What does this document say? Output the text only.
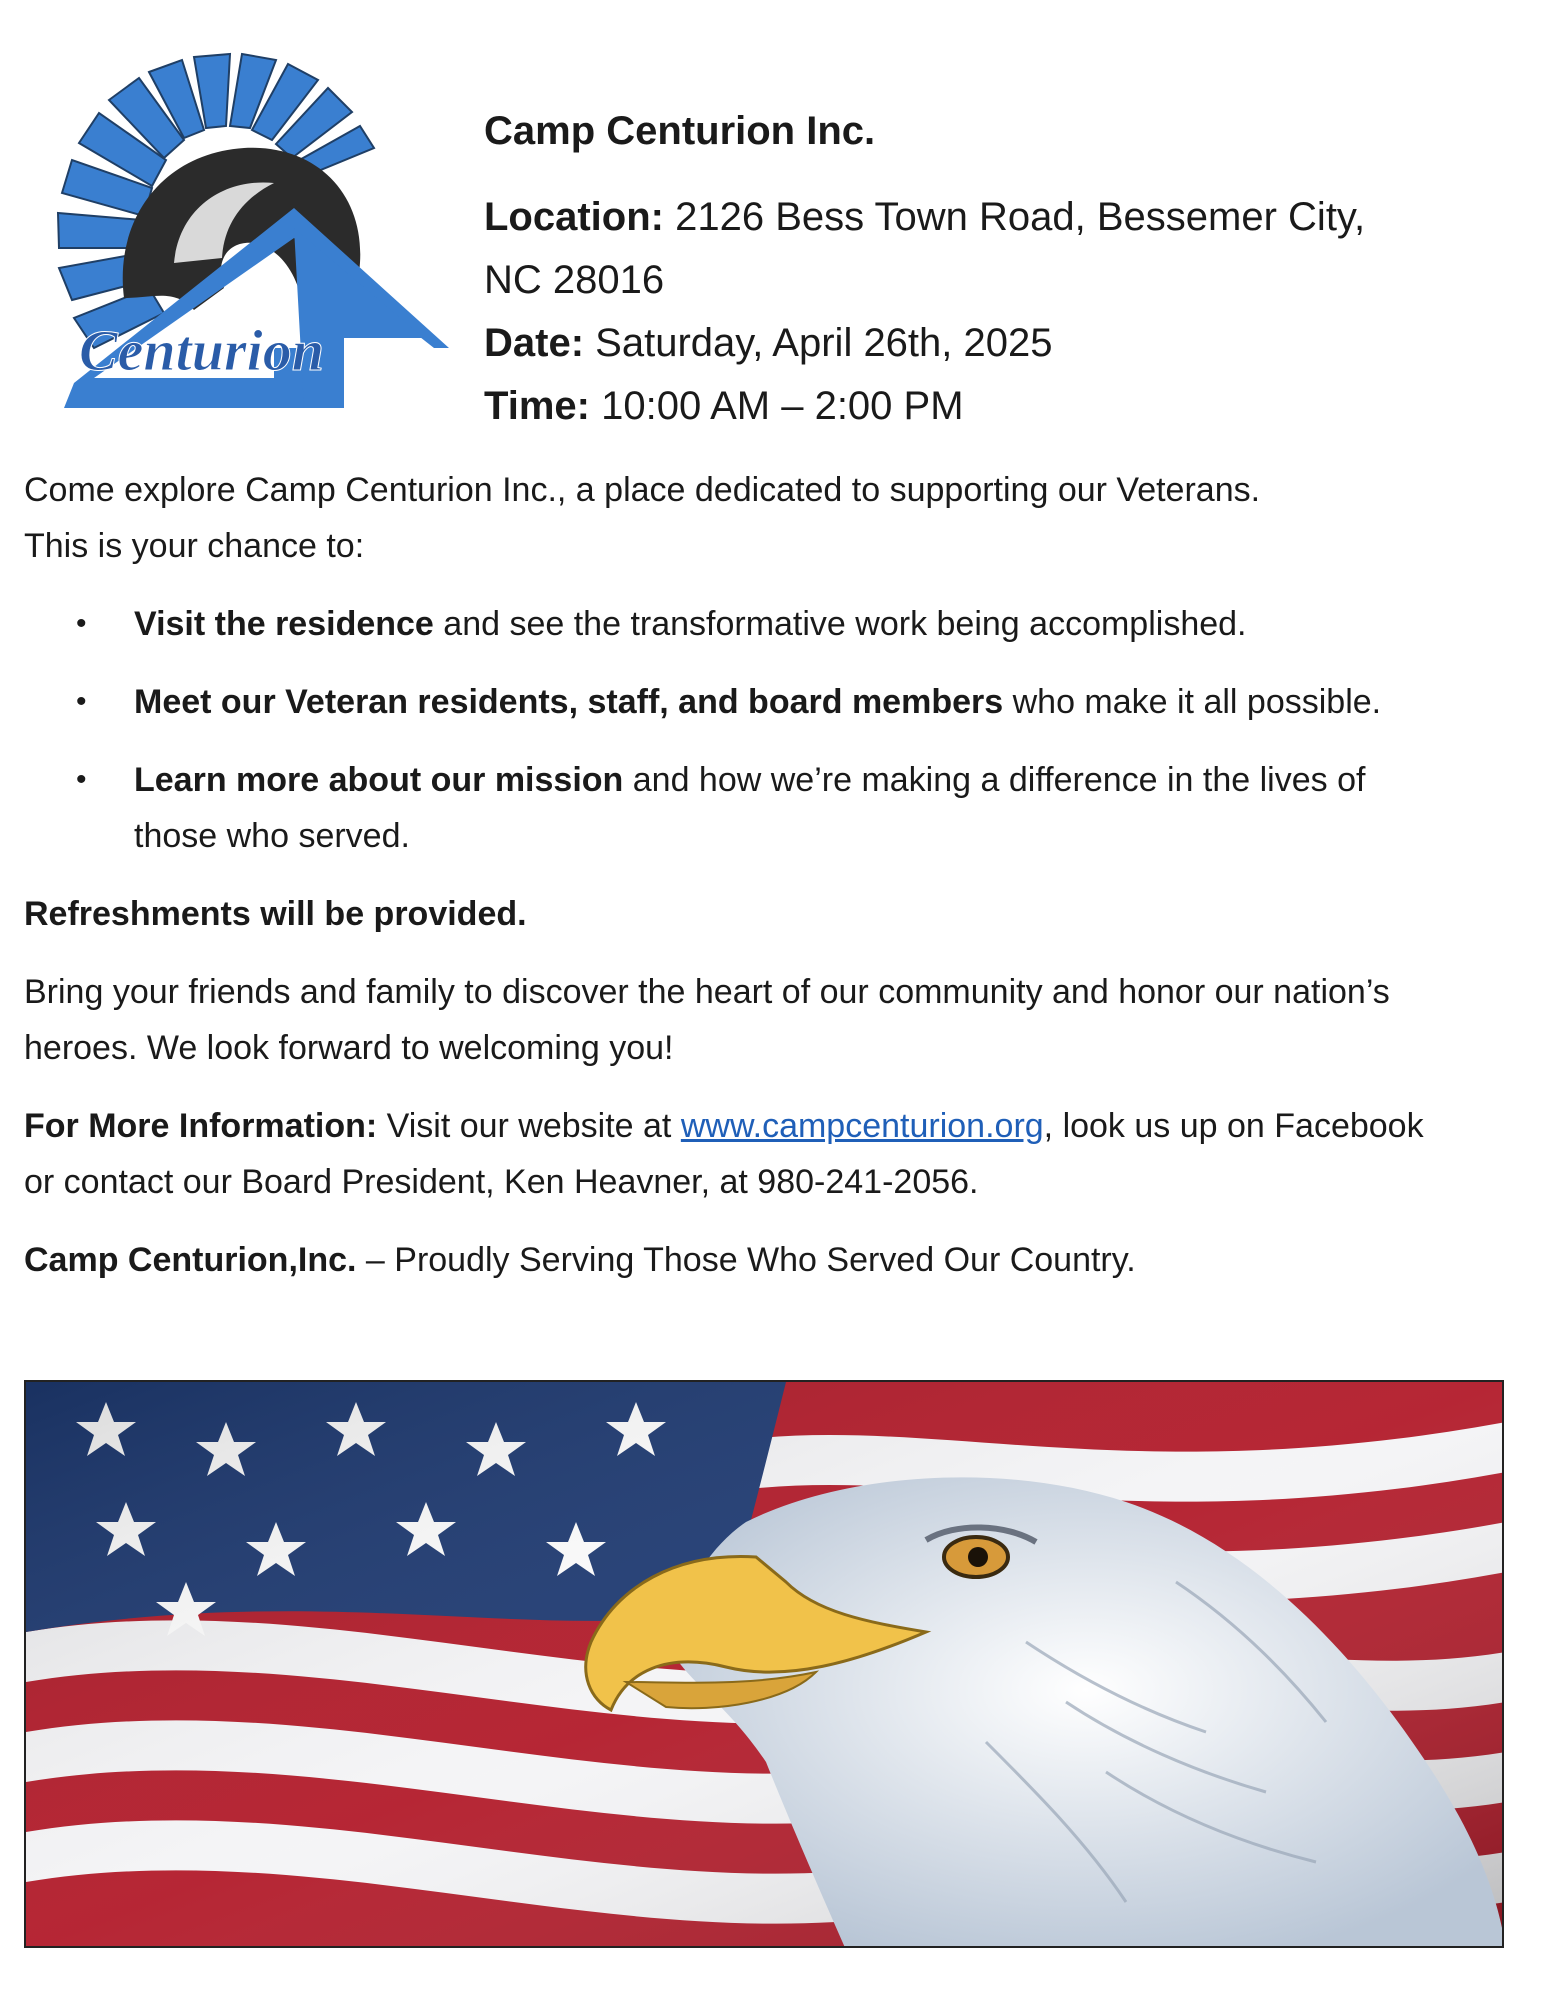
Centurion

Camp Centurion Inc.

Location: 2126 Bess Town Road, Bessemer City,

NC 28016

Date: Saturday, April 26th, 2025

Time: 10:00 AM – 2:00 PM

Come explore Camp Centurion Inc., a place dedicated to supporting our Veterans.
This is your chance to:

• Visit the residence and see the transformative work being accomplished.
• Meet our Veteran residents, staff, and board members who make it all possible.
• Learn more about our mission and how we’re making a difference in the lives of those who served.

Refreshments will be provided.

Bring your friends and family to discover the heart of our community and honor our nation’s heroes. We look forward to welcoming you!

For More Information: Visit our website at www.campcenturion.org, look us up on Facebook or contact our Board President, Ken Heavner, at 980-241-2056.

Camp Centurion,Inc. – Proudly Serving Those Who Served Our Country.
